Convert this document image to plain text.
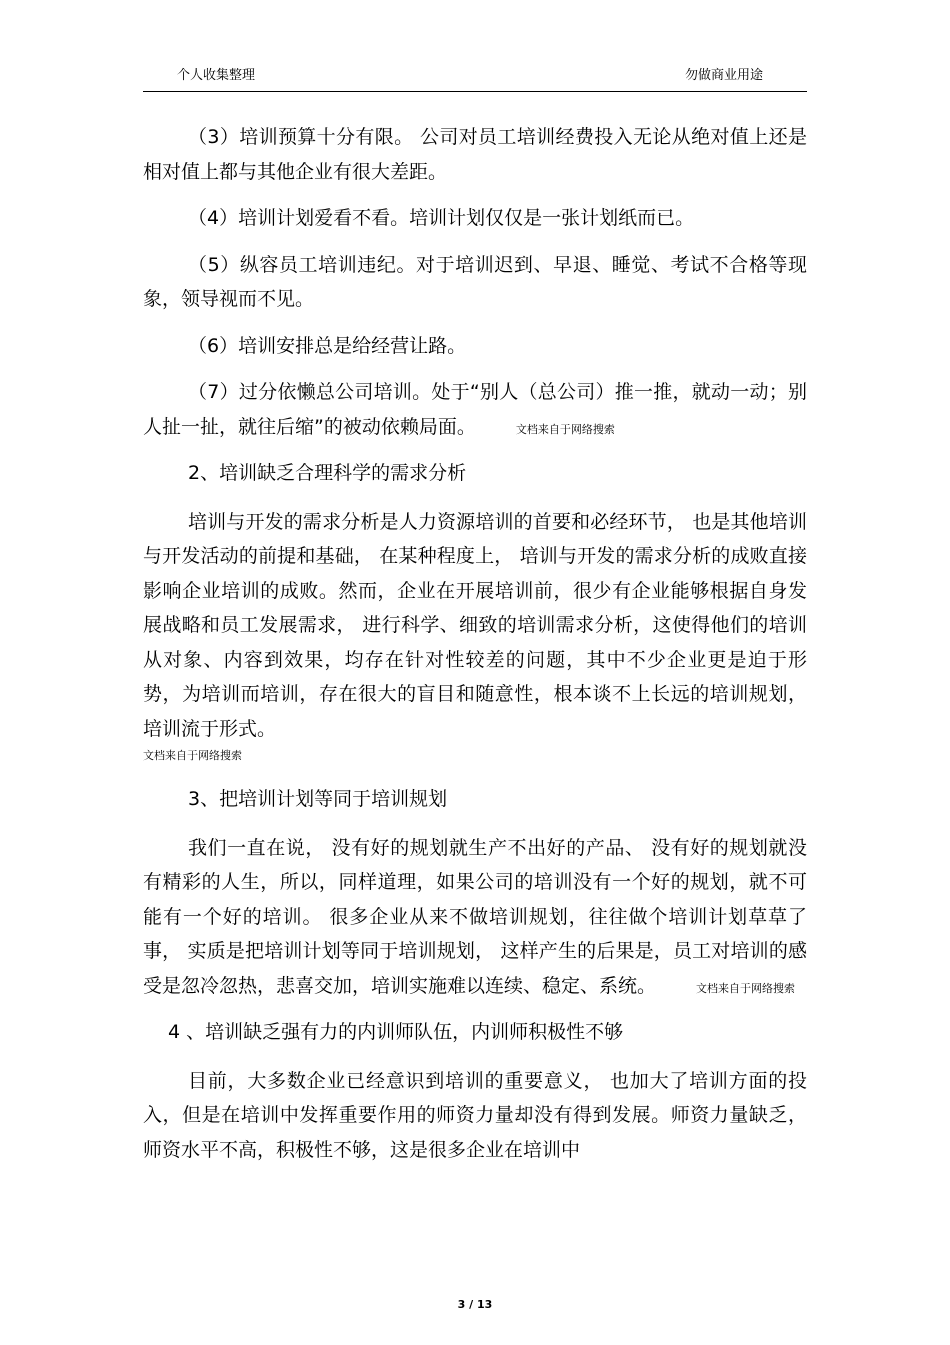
个人收集整理	勿做商业用途

（3）培训预算十分有限。 公司对员工培训经费投入无论从绝对值上还是相对值上都与其他企业有很大差距。

（4）培训计划爱看不看。培训计划仅仅是一张计划纸而已。

（5）纵容员工培训违纪。对于培训迟到、早退、睡觉、考试不合格等现象，领导视而不见。

（6）培训安排总是给经营让路。

（7）过分依懒总公司培训。处于“别人（总公司）推一推，就动一动；别人扯一扯，就往后缩”的被动依赖局面。	文档来自于网络搜索

2、培训缺乏合理科学的需求分析

培训与开发的需求分析是人力资源培训的首要和必经环节， 也是其他培训与开发活动的前提和基础， 在某种程度上， 培训与开发的需求分析的成败直接影响企业培训的成败。然而，企业在开展培训前，很少有企业能够根据自身发展战略和员工发展需求， 进行科学、细致的培训需求分析，这使得他们的培训从对象、内容到效果，均存在针对性较差的问题，其中不少企业更是迫于形势，为培训而培训，存在很大的盲目和随意性，根本谈不上长远的培训规划，培训流于形式。

文档来自于网络搜索

3、把培训计划等同于培训规划

我们一直在说， 没有好的规划就生产不出好的产品、 没有好的规划就没有精彩的人生，所以，同样道理，如果公司的培训没有一个好的规划，就不可能有一个好的培训。 很多企业从来不做培训规划，往往做个培训计划草草了事， 实质是把培训计划等同于培训规划， 这样产生的后果是，员工对培训的感受是忽冷忽热，悲喜交加，培训实施难以连续、稳定、系统。	文档来自于网络搜索

4 、培训缺乏强有力的内训师队伍，内训师积极性不够

目前，大多数企业已经意识到培训的重要意义， 也加大了培训方面的投入，但是在培训中发挥重要作用的师资力量却没有得到发展。师资力量缺乏，师资水平不高，积极性不够，这是很多企业在培训中

3 / 13
